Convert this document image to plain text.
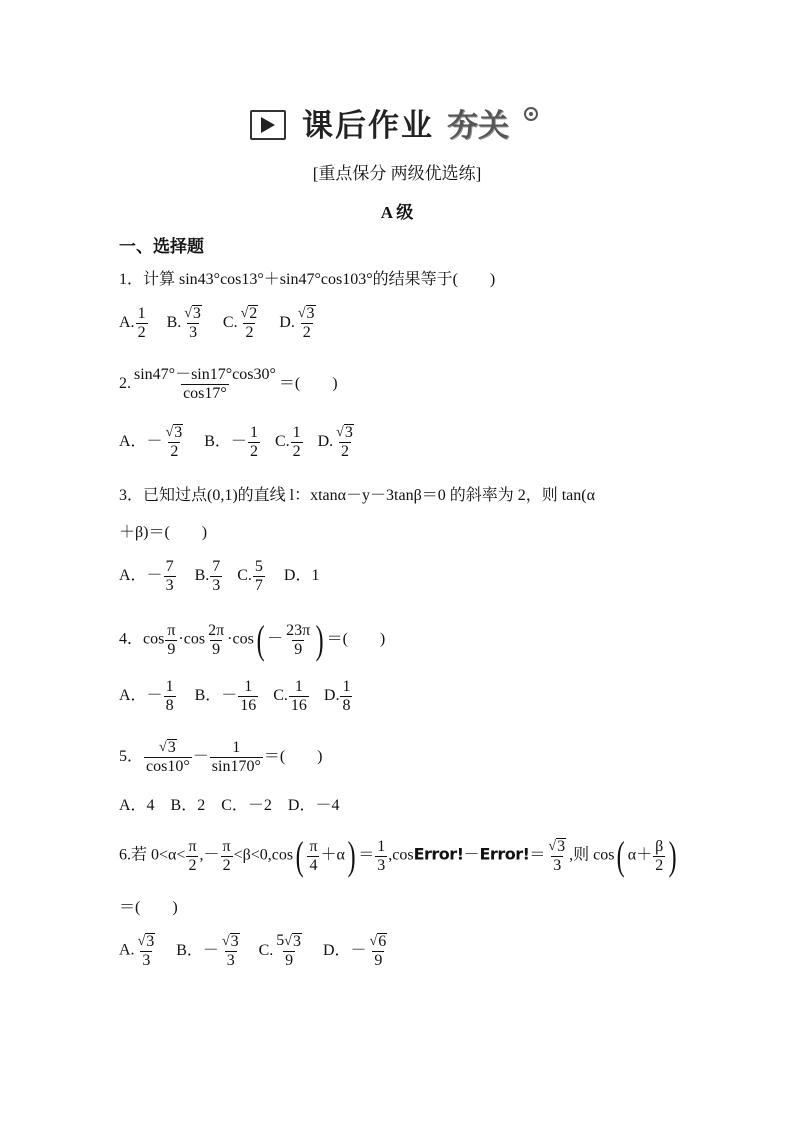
课后作业 夯关
[重点保分 两级优选练]
A 级
一、选择题
1．计算 sin43°cos13°＋sin47°cos103°的结果等于(　　)
A. $\frac{1}{2} B$. $\frac{√ 3}{3} C$. $\frac{√ 2}{2} D$. $\frac{√ 3}{2}$
2. $\frac{\sin 47^\circ-\sin 17^\circ\cos 30^\circ}{\cos 17^\circ}$ ＝(　　)
A．－ $\frac{√ 3}{2}$ B．－ $\frac{1}{2} C$. $\frac{1}{2} D$. $\frac{√ 3}{2}$
3．已知过点(0,1)的直线 l：xtanα－y－3tanβ＝0 的斜率为 2，则 tan(α
＋β)＝(　　)
A．－ $\frac{7}{3} B$. $\frac{7}{3} C$. $\frac{5}{7}$ D．1
4．$\cos \frac{\pi}{9} \cdot\cos \frac{2\pi}{9} \cdot\cos( - \frac{23\pi}{9}$ ) ＝(　　)
A．－ $\frac{1}{8}$ B．－ $\frac{1}{16} C$. $\frac{1}{16} D$. $\frac{1}{8}$
5． $\frac{√ 3}{\cos 10^\circ} - \frac{1}{\sin 170^\circ}$ ＝(　　)
A．4　B．2　C．－2　D．－4
6.若 $0<\alpha< \frac{\pi}{2}$ ,－ $\frac{\pi}{2} <\beta<0,\cos( \frac{\pi}{4} +\alpha) = \frac{1}{3}$ ,cosError!－Error!＝ $\frac{√ 3}{3}$ ,则 cos( $\alpha+ \frac{\beta}{2}$ )
＝(　　)
A. $\frac{√ 3}{3}$ B．－ $\frac{√ 3}{3} C$. $\frac{5 √ 3}{9}$ D．－ $\frac{√ 6}{9}$
